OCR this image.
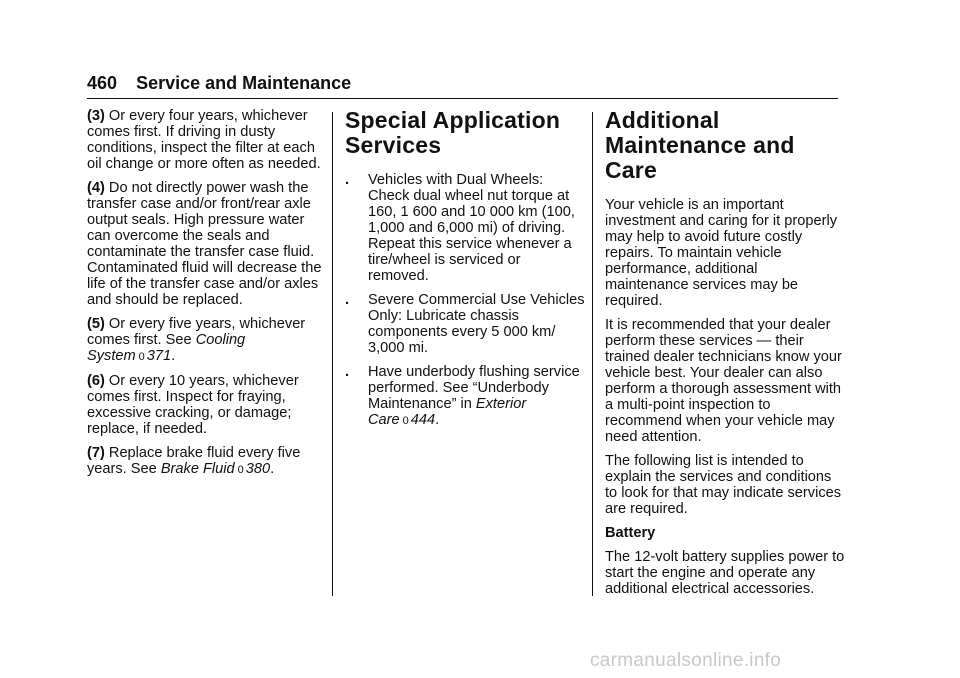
460 Service and Maintenance

(3) Or every four years, whichever comes first. If driving in dusty conditions, inspect the filter at each oil change or more often as needed.

(4) Do not directly power wash the transfer case and/or front/rear axle output seals. High pressure water can overcome the seals and contaminate the transfer case fluid. Contaminated fluid will decrease the life of the transfer case and/or axles and should be replaced.

(5) Or every five years, whichever comes first. See Cooling System 0 371.

(6) Or every 10 years, whichever comes first. Inspect for fraying, excessive cracking, or damage; replace, if needed.

(7) Replace brake fluid every five years. See Brake Fluid 0 380.

Special Application Services
. Vehicles with Dual Wheels: Check dual wheel nut torque at 160, 1 600 and 10 000 km (100, 1,000 and 6,000 mi) of driving. Repeat this service whenever a tire/wheel is serviced or removed.
. Severe Commercial Use Vehicles Only: Lubricate chassis components every 5 000 km/ 3,000 mi.
. Have underbody flushing service performed. See “Underbody Maintenance” in Exterior Care 0 444.
Additional Maintenance and Care

Your vehicle is an important investment and caring for it properly may help to avoid future costly repairs. To maintain vehicle performance, additional maintenance services may be required.

It is recommended that your dealer perform these services — their trained dealer technicians know your vehicle best. Your dealer can also perform a thorough assessment with a multi-point inspection to recommend when your vehicle may need attention.

The following list is intended to explain the services and conditions to look for that may indicate services are required.

Battery

The 12-volt battery supplies power to start the engine and operate any additional electrical accessories.

carmanualsonline.info
